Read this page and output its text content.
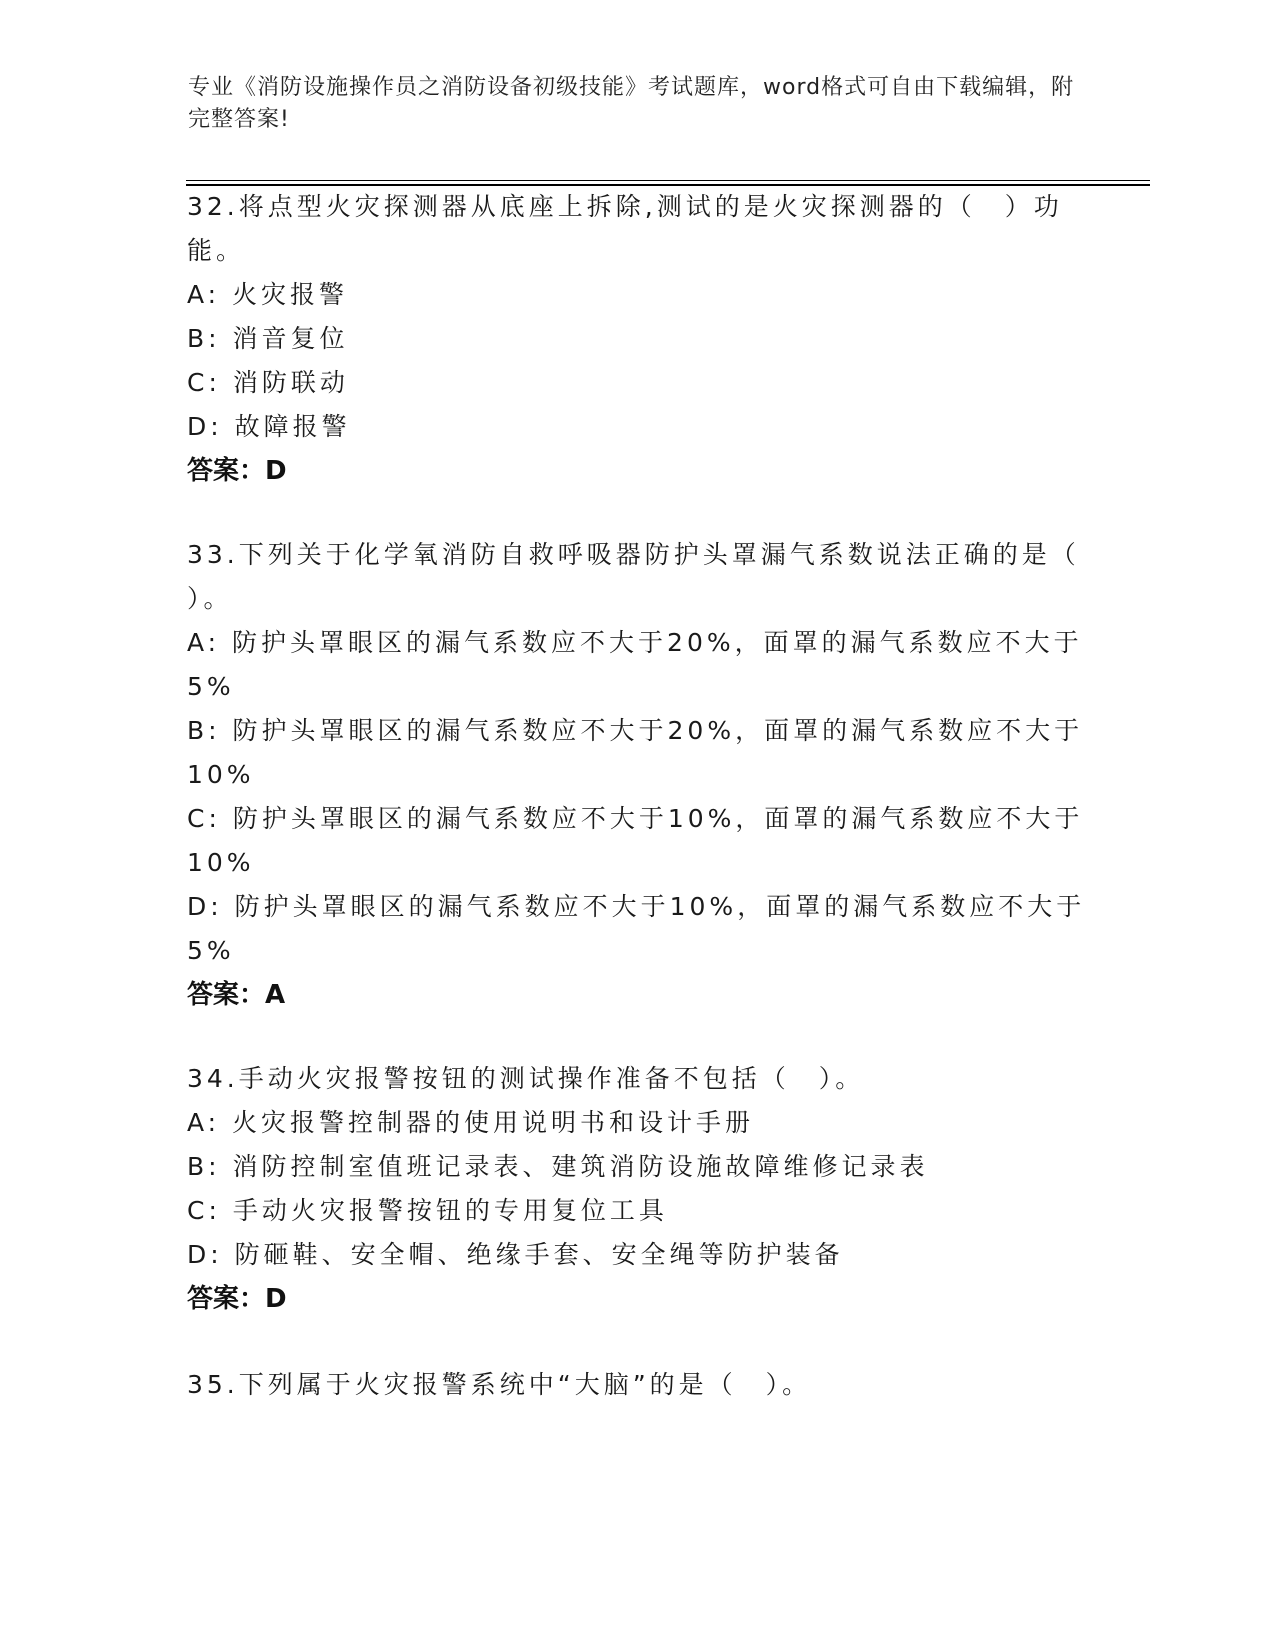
专业《消防设施操作员之消防设备初级技能》考试题库，word格式可自由下载编辑，附完整答案!
32.将点型火灾探测器从底座上拆除,测试的是火灾探测器的（　）功
能。
A: 火灾报警
B: 消音复位
C: 消防联动
D: 故障报警
答案：D
33.下列关于化学氧消防自救呼吸器防护头罩漏气系数说法正确的是（
）。
A: 防护头罩眼区的漏气系数应不大于20%，面罩的漏气系数应不大于
5%
B: 防护头罩眼区的漏气系数应不大于20%，面罩的漏气系数应不大于
10%
C: 防护头罩眼区的漏气系数应不大于10%，面罩的漏气系数应不大于
10%
D: 防护头罩眼区的漏气系数应不大于10%，面罩的漏气系数应不大于
5%
答案：A
34.手动火灾报警按钮的测试操作准备不包括（　）。
A: 火灾报警控制器的使用说明书和设计手册
B: 消防控制室值班记录表、建筑消防设施故障维修记录表
C: 手动火灾报警按钮的专用复位工具
D: 防砸鞋、安全帽、绝缘手套、安全绳等防护装备
答案：D
35.下列属于火灾报警系统中“大脑”的是（　）。
